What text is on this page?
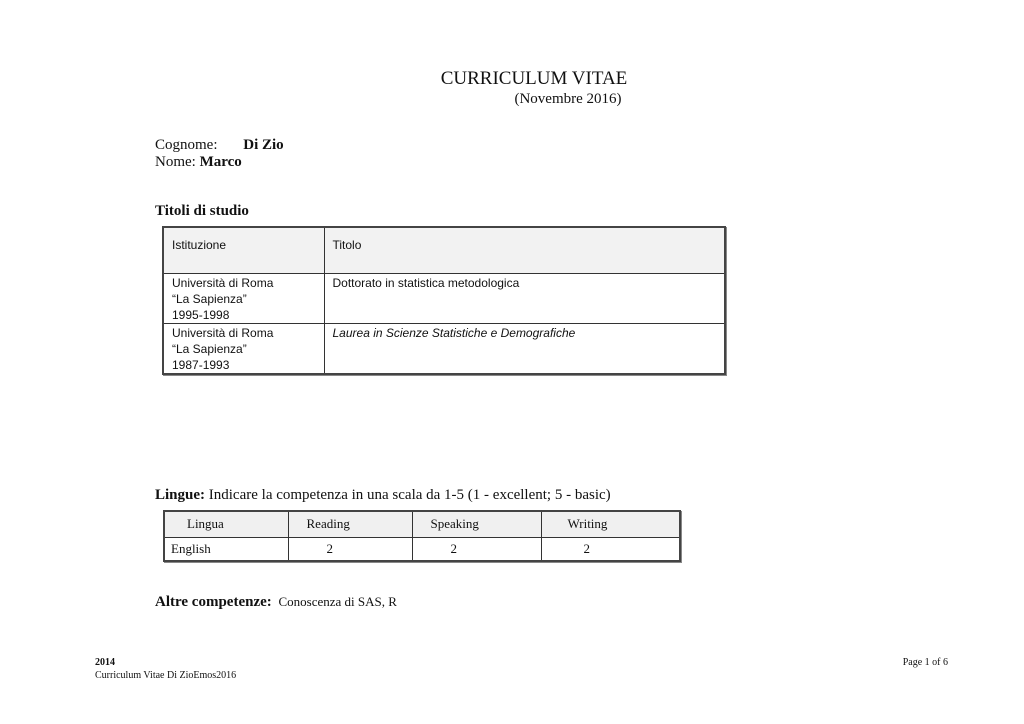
CURRICULUM VITAE
(Novembre 2016)
Cognome: Di Zio
Nome: Marco
Titoli di studio
Istituzione	Titolo

Università di Roma
“La Sapienza”
1995-1998	Dottorato in statistica metodologica

Università di Roma
“La Sapienza”
1987-1993	Laurea in Scienze Statistiche e Demografiche
Lingue: Indicare la competenza in una scala da 1-5 (1 - excellent; 5 - basic)
Lingua	Reading	Speaking	Writing
English	2	2	2
Altre competenze: Conoscenza di SAS, R
2014
Curriculum Vitae Di ZioEmos2016
Page 1 of 6
